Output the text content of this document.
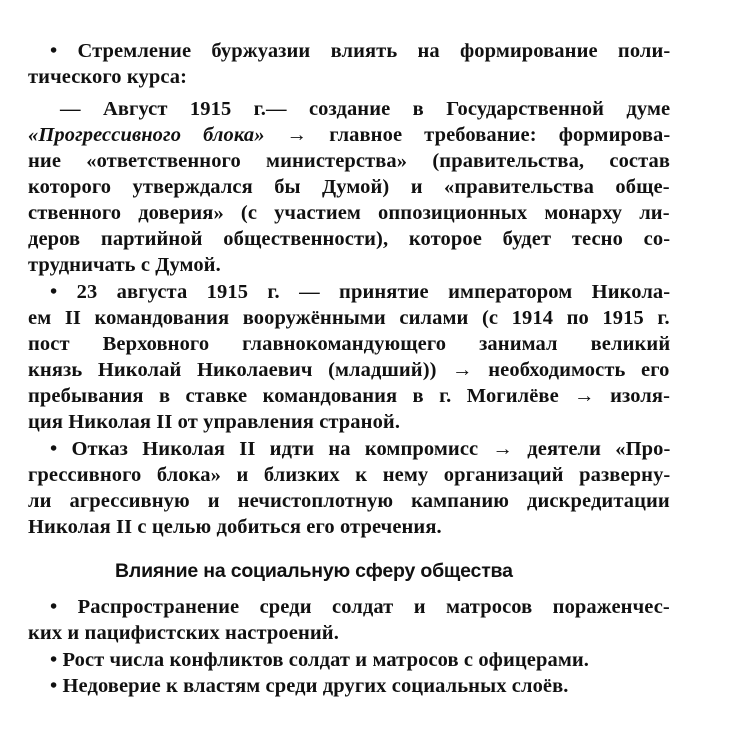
• Стремление буржуазии влиять на формирование поли-
тического курса:
— Август 1915 г.— создание в Государственной думе
«Прогрессивного блока» → главное требование: формирова-
ние «ответственного министерства» (правительства, состав
которого утверждался бы Думой) и «правительства обще-
ственного доверия» (с участием оппозиционных монарху ли-
деров партийной общественности), которое будет тесно со-
трудничать с Думой.
• 23 августа 1915 г. — принятие императором Никола-
ем II командования вооружёнными силами (с 1914 по 1915 г.
пост Верховного главнокомандующего занимал великий
князь Николай Николаевич (младший)) → необходимость его
пребывания в ставке командования в г. Могилёве → изоля-
ция Николая II от управления страной.
• Отказ Николая II идти на компромисс → деятели «Про-
грессивного блока» и близких к нему организаций разверну-
ли агрессивную и нечистоплотную кампанию дискредитации
Николая II с целью добиться его отречения.
Влияние на социальную сферу общества
• Распространение среди солдат и матросов пораженчес-
ких и пацифистских настроений.
• Рост числа конфликтов солдат и матросов с офицерами.
• Недоверие к властям среди других социальных слоёв.
